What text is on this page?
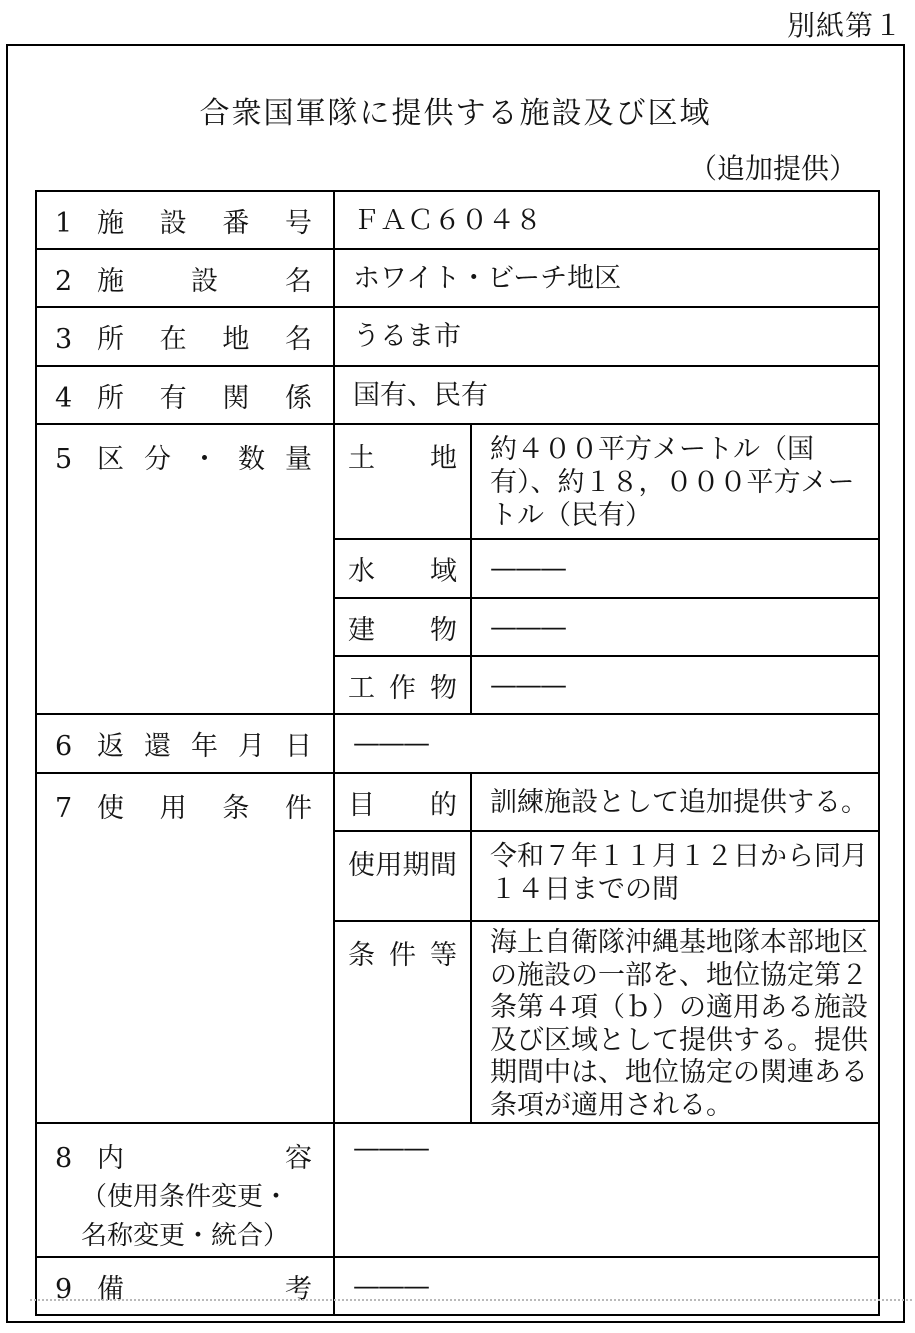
別紙第１
合衆国軍隊に提供する施設及び区域
（追加提供）
1 施 設 番 号	ＦＡＣ６０４８	

2 施 設 名	ホワイト・ビーチ地区	

3 所 在 地 名	うるま市	

4 所 有 関 係	国有、民有	

5 区 分 ・ 数 量	土 地	約４００平方メートル（国有）、約１８，０００平方メートル（民有）

	水 域	———

	建 物	———

	工 作 物	———

6 返 還 年 月 日	———

7 使 用 条 件	目 的	訓練施設として追加提供する。

	使 用 期 間	令和７年１１月１２日から同月１４日までの間

	条 件 等	海上自衛隊沖縄基地隊本部地区の施設の一部を、地位協定第２条第４項（ｂ）の適用ある施設及び区域として提供する。提供期間中は、地位協定の関連ある条項が適用される。

8 内 容
（使用条件変更・名称変更・統合）	———	

9 備 考	———	
